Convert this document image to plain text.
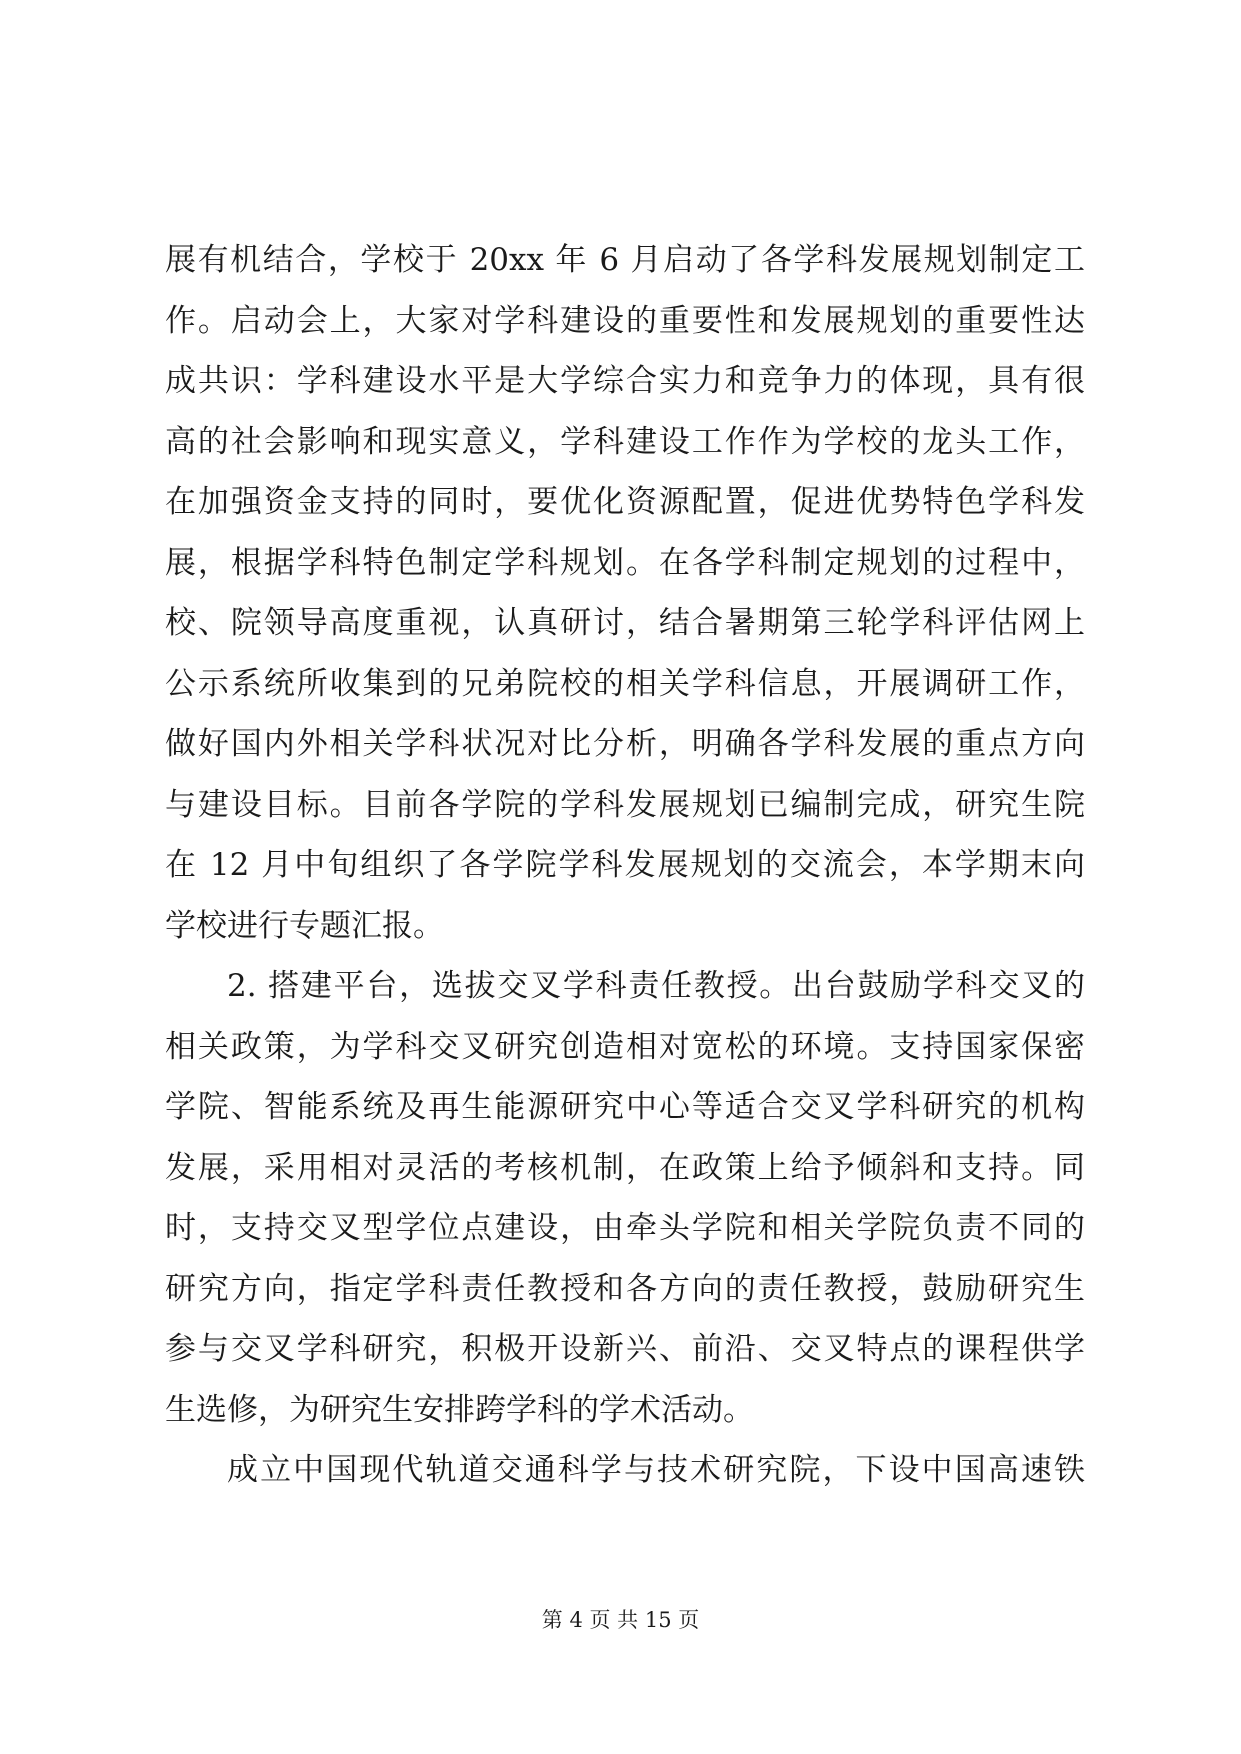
展有机结合，学校于 20xx 年 6 月启动了各学科发展规划制定工
作。启动会上，大家对学科建设的重要性和发展规划的重要性达
成共识：学科建设水平是大学综合实力和竞争力的体现，具有很
高的社会影响和现实意义，学科建设工作作为学校的龙头工作，
在加强资金支持的同时，要优化资源配置，促进优势特色学科发
展，根据学科特色制定学科规划。在各学科制定规划的过程中，
校、院领导高度重视，认真研讨，结合暑期第三轮学科评估网上
公示系统所收集到的兄弟院校的相关学科信息，开展调研工作，
做好国内外相关学科状况对比分析，明确各学科发展的重点方向
与建设目标。目前各学院的学科发展规划已编制完成，研究生院
在 12 月中旬组织了各学院学科发展规划的交流会，本学期末向
学校进行专题汇报。
2. 搭建平台，选拔交叉学科责任教授。出台鼓励学科交叉的
相关政策，为学科交叉研究创造相对宽松的环境。支持国家保密
学院、智能系统及再生能源研究中心等适合交叉学科研究的机构
发展，采用相对灵活的考核机制，在政策上给予倾斜和支持。同
时，支持交叉型学位点建设，由牵头学院和相关学院负责不同的
研究方向，指定学科责任教授和各方向的责任教授，鼓励研究生
参与交叉学科研究，积极开设新兴、前沿、交叉特点的课程供学
生选修，为研究生安排跨学科的学术活动。
成立中国现代轨道交通科学与技术研究院，下设中国高速铁
第 4 页 共 15 页
